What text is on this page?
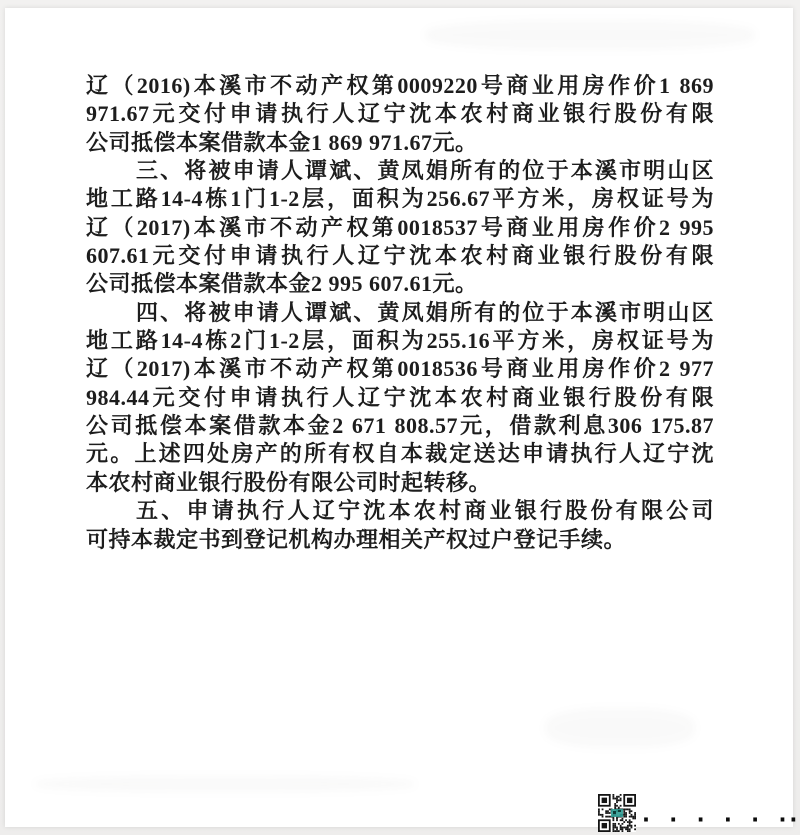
辽（2016)本溪市不动产权第0009220号商业用房作价1 869
971.67元交付申请执行人辽宁沈本农村商业银行股份有限
公司抵偿本案借款本金1 869 971.67元。
三、将被申请人谭斌、黄凤娟所有的位于本溪市明山区
地工路14-4栋1门1-2层，面积为256.67平方米，房权证号为
辽（2017)本溪市不动产权第0018537号商业用房作价2 995
607.61元交付申请执行人辽宁沈本农村商业银行股份有限
公司抵偿本案借款本金2 995 607.61元。
四、将被申请人谭斌、黄凤娟所有的位于本溪市明山区
地工路14-4栋2门1-2层，面积为255.16平方米，房权证号为
辽（2017)本溪市不动产权第0018536号商业用房作价2 977
984.44元交付申请执行人辽宁沈本农村商业银行股份有限
公司抵偿本案借款本金2 671 808.57元，借款利息306 175.87
元。上述四处房产的所有权自本裁定送达申请执行人辽宁沈
本农村商业银行股份有限公司时起转移。
五、申请执行人辽宁沈本农村商业银行股份有限公司
可持本裁定书到登记机构办理相关产权过户登记手续。
· · · · · ··
